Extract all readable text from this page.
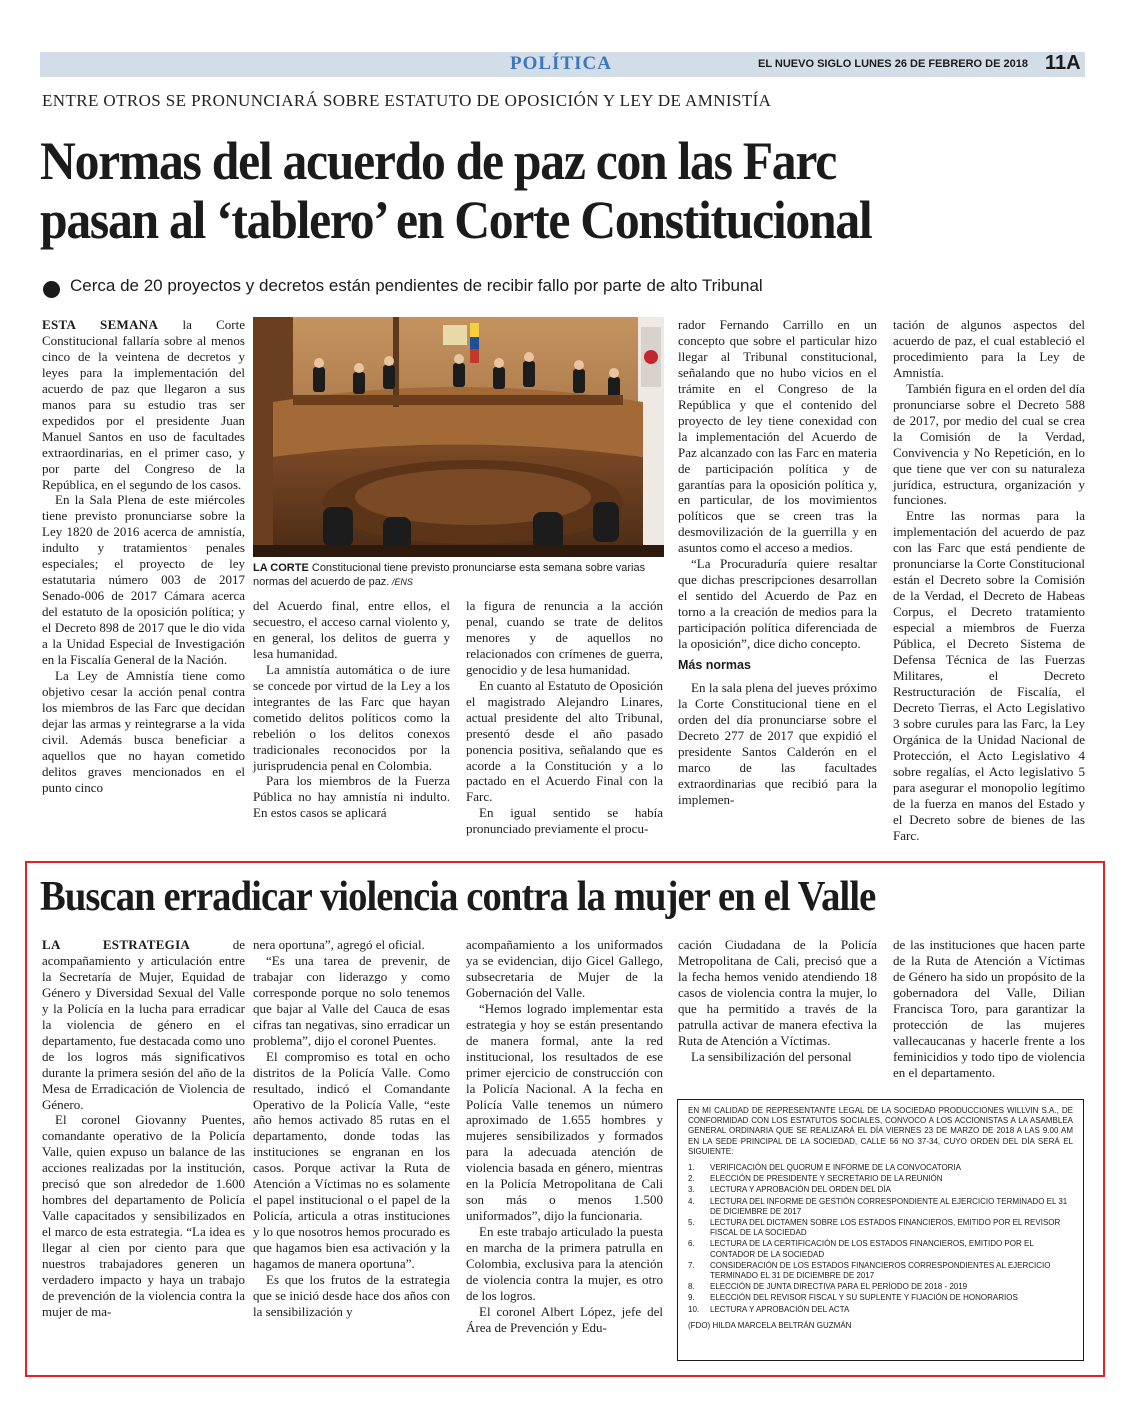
POLÍTICA	EL NUEVO SIGLO LUNES 26 DE FEBRERO DE 2018 11A
ENTRE OTROS SE PRONUNCIARÁ SOBRE ESTATUTO DE OPOSICIÓN Y LEY DE AMNISTÍA
Normas del acuerdo de paz con las Farc
pasan al ‘tablero’ en Corte Constitucional
Cerca de 20 proyectos y decretos están pendientes de recibir fallo por parte de alto Tribunal

ESTA SEMANA la Corte Constitucional fallaría sobre al menos cinco de la veintena de decretos y leyes para la implementación del acuerdo de paz que llegaron a sus manos para su estudio tras ser expedidos por el presidente Juan Manuel Santos en uso de facultades extraordinarias, en el primer caso, y por parte del Congreso de la República, en el segundo de los casos.

En la Sala Plena de este miércoles tiene previsto pronunciarse sobre la Ley 1820 de 2016 acerca de amnistía, indulto y tratamientos penales especiales; el proyecto de ley estatutaria número 003 de 2017 Senado-006 de 2017 Cámara acerca del estatuto de la oposición política; y el Decreto 898 de 2017 que le dio vida a la Unidad Especial de Investigación en la Fiscalía General de la Nación.

La Ley de Amnistía tiene como objetivo cesar la acción penal contra los miembros de las Farc que decidan dejar las armas y reintegrarse a la vida civil. Además busca beneficiar a aquellos que no hayan cometido delitos graves mencionados en el punto cinco

LA CORTE Constitucional tiene previsto pronunciarse esta semana sobre varias normas del acuerdo de paz. /ENS

del Acuerdo final, entre ellos, el secuestro, el acceso carnal violento y, en general, los delitos de guerra y lesa humanidad.

La amnistía automática o de iure se concede por virtud de la Ley a los integrantes de las Farc que hayan cometido delitos políticos como la rebelión o los delitos conexos tradicionales reconocidos por la jurisprudencia penal en Colombia.

Para los miembros de la Fuerza Pública no hay amnistía ni indulto. En estos casos se aplicará

la figura de renuncia a la acción penal, cuando se trate de delitos menores y de aquellos no relacionados con crímenes de guerra, genocidio y de lesa humanidad.

En cuanto al Estatuto de Oposición el magistrado Alejandro Linares, actual presidente del alto Tribunal, presentó desde el año pasado ponencia positiva, señalando que es acorde a la Constitución y a lo pactado en el Acuerdo Final con la Farc.

En igual sentido se había pronunciado previamente el procu-

rador Fernando Carrillo en un concepto que sobre el particular hizo llegar al Tribunal constitucional, señalando que no hubo vicios en el trámite en el Congreso de la República y que el contenido del proyecto de ley tiene conexidad con la implementación del Acuerdo de Paz alcanzado con las Farc en materia de participación política y de garantías para la oposición política y, en particular, de los movimientos políticos que se creen tras la desmovilización de la guerrilla y en asuntos como el acceso a medios.

“La Procuraduría quiere resaltar que dichas prescripciones desarrollan el sentido del Acuerdo de Paz en torno a la creación de medios para la participación política diferenciada de la oposición”, dice dicho concepto.

Más normas

En la sala plena del jueves próximo la Corte Constitucional tiene en el orden del día pronunciarse sobre el Decreto 277 de 2017 que expidió el presidente Santos Calderón en el marco de las facultades extraordinarias que recibió para la implemen-

tación de algunos aspectos del acuerdo de paz, el cual estableció el procedimiento para la Ley de Amnistía.

También figura en el orden del día pronunciarse sobre el Decreto 588 de 2017, por medio del cual se crea la Comisión de la Verdad, Convivencia y No Repetición, en lo que tiene que ver con su naturaleza jurídica, estructura, organización y funciones.

Entre las normas para la implementación del acuerdo de paz con las Farc que está pendiente de pronunciarse la Corte Constitucional están el Decreto sobre la Comisión de la Verdad, el Decreto de Habeas Corpus, el Decreto tratamiento especial a miembros de Fuerza Pública, el Decreto Sistema de Defensa Técnica de las Fuerzas Militares, el Decreto Restructuración de Fiscalía, el Decreto Tierras, el Acto Legislativo 3 sobre curules para las Farc, la Ley Orgánica de la Unidad Nacional de Protección, el Acto Legislativo 4 sobre regalías, el Acto legislativo 5 para asegurar el monopolio legítimo de la fuerza en manos del Estado y el Decreto sobre de bienes de las Farc.

Buscan erradicar violencia contra la mujer en el Valle

LA ESTRATEGIA de acompañamiento y articulación entre la Secretaría de Mujer, Equidad de Género y Diversidad Sexual del Valle y la Policía en la lucha para erradicar la violencia de género en el departamento, fue destacada como uno de los logros más significativos durante la primera sesión del año de la Mesa de Erradicación de Violencia de Género.

El coronel Giovanny Puentes, comandante operativo de la Policía Valle, quien expuso un balance de las acciones realizadas por la institución, precisó que son alrededor de 1.600 hombres del departamento de Policía Valle capacitados y sensibilizados en el marco de esta estrategia. “La idea es llegar al cien por ciento para que nuestros trabajadores generen un verdadero impacto y haya un trabajo de prevención de la violencia contra la mujer de ma-

nera oportuna”, agregó el oficial.

“Es una tarea de prevenir, de trabajar con liderazgo y como corresponde porque no solo tenemos que bajar al Valle del Cauca de esas cifras tan negativas, sino erradicar un problema”, dijo el coronel Puentes.

El compromiso es total en ocho distritos de la Policía Valle. Como resultado, indicó el Comandante Operativo de la Policía Valle, “este año hemos activado 85 rutas en el departamento, donde todas las instituciones se engranan en los casos. Porque activar la Ruta de Atención a Víctimas no es solamente el papel institucional o el papel de la Policía, articula a otras instituciones y lo que nosotros hemos procurado es que hagamos bien esa activación y la hagamos de manera oportuna”.

Es que los frutos de la estrategia que se inició desde hace dos años con la sensibilización y

acompañamiento a los uniformados ya se evidencian, dijo Gicel Gallego, subsecretaria de Mujer de la Gobernación del Valle.

“Hemos logrado implementar esta estrategia y hoy se están presentando de manera formal, ante la red institucional, los resultados de ese primer ejercicio de construcción con la Policía Nacional. A la fecha en Policía Valle tenemos un número aproximado de 1.655 hombres y mujeres sensibilizados y formados para la adecuada atención de violencia basada en género, mientras en la Policía Metropolitana de Cali son más o menos 1.500 uniformados”, dijo la funcionaria.

En este trabajo articulado la puesta en marcha de la primera patrulla en Colombia, exclusiva para la atención de violencia contra la mujer, es otro de los logros.

El coronel Albert López, jefe del Área de Prevención y Edu-

cación Ciudadana de la Policía Metropolitana de Cali, precisó que a la fecha hemos venido atendiendo 18 casos de violencia contra la mujer, lo que ha permitido a través de la patrulla activar de manera efectiva la Ruta de Atención a Víctimas.

La sensibilización del personal

de las instituciones que hacen parte de la Ruta de Atención a Víctimas de Género ha sido un propósito de la gobernadora del Valle, Dilian Francisca Toro, para garantizar la protección de las mujeres vallecaucanas y hacerle frente a los feminicidios y todo tipo de violencia en el departamento.

EN MI CALIDAD DE REPRESENTANTE LEGAL DE LA SOCIEDAD PRODUCCIONES WILLVIN S.A., DE CONFORMIDAD CON LOS ESTATUTOS SOCIALES, CONVOCO A LOS ACCIONISTAS A LA ASAMBLEA GENERAL ORDINARIA QUE SE REALIZARÁ EL DÍA VIERNES 23 DE MARZO DE 2018 A LAS 9.00 AM EN LA SEDE PRINCIPAL DE LA SOCIEDAD, CALLE 56 NO 37-34, CUYO ORDEN DEL DÍA SERÁ EL SIGUIENTE:

1.	VERIFICACIÓN DEL QUORUM E INFORME DE LA CONVOCATORIA
2.	ELECCIÓN DE PRESIDENTE Y SECRETARIO DE LA REUNIÓN
3.	LECTURA Y APROBACIÓN DEL ORDEN DEL DÍA
4.	LECTURA DEL INFORME DE GESTIÓN CORRESPONDIENTE AL EJERCICIO TERMINADO EL 31 DE DICIEMBRE DE 2017
5.	LECTURA DEL DICTAMEN SOBRE LOS ESTADOS FINANCIEROS, EMITIDO POR EL REVISOR FISCAL DE LA SOCIEDAD
6.	LECTURA DE LA CERTIFICACIÓN DE LOS ESTADOS FINANCIEROS, EMITIDO POR EL CONTADOR DE LA SOCIEDAD
7.	CONSIDERACIÓN DE LOS ESTADOS FINANCIEROS CORRESPONDIENTES AL EJERCICIO TERMINADO EL 31 DE DICIEMBRE DE 2017
8.	ELECCIÓN DE JUNTA DIRECTIVA PARA EL PERÍODO DE 2018 - 2019
9.	ELECCIÓN DEL REVISOR FISCAL Y SU SUPLENTE Y FIJACIÓN DE HONORARIOS
10.	LECTURA Y APROBACIÓN DEL ACTA

(FDO) HILDA MARCELA BELTRÁN GUZMÁN
